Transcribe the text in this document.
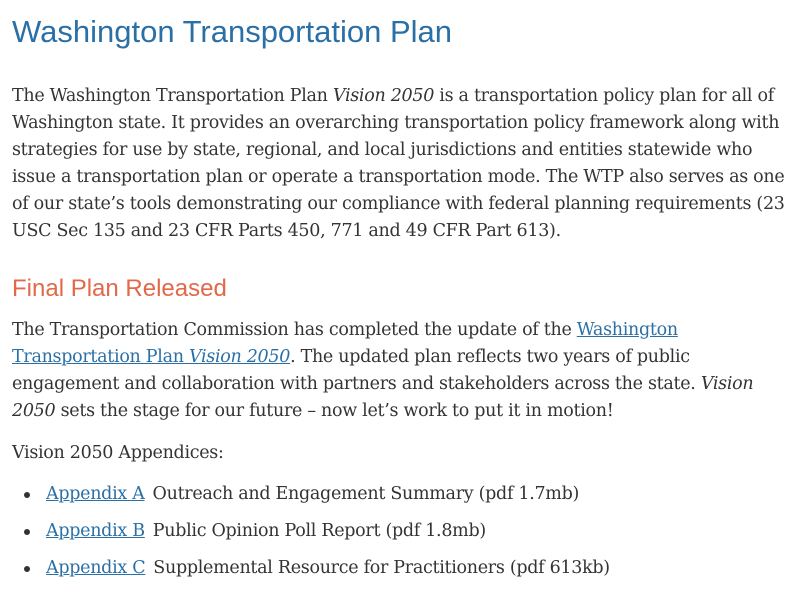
Washington Transportation Plan

The Washington Transportation Plan Vision 2050 is a transportation policy plan for all of Washington state. It provides an overarching transportation policy framework along with strategies for use by state, regional, and local jurisdictions and entities statewide who issue a transportation plan or operate a transportation mode. The WTP also serves as one of our state’s tools demonstrating our compliance with federal planning requirements (23 USC Sec 135 and 23 CFR Parts 450, 771 and 49 CFR Part 613).

Final Plan Released

The Transportation Commission has completed the update of the Washington Transportation Plan Vision 2050. The updated plan reflects two years of public engagement and collaboration with partners and stakeholders across the state. Vision 2050 sets the stage for our future – now let’s work to put it in motion!

Vision 2050 Appendices:

Appendix A Outreach and Engagement Summary (pdf 1.7mb)
Appendix B Public Opinion Poll Report (pdf 1.8mb)
Appendix C Supplemental Resource for Practitioners (pdf 613kb)
